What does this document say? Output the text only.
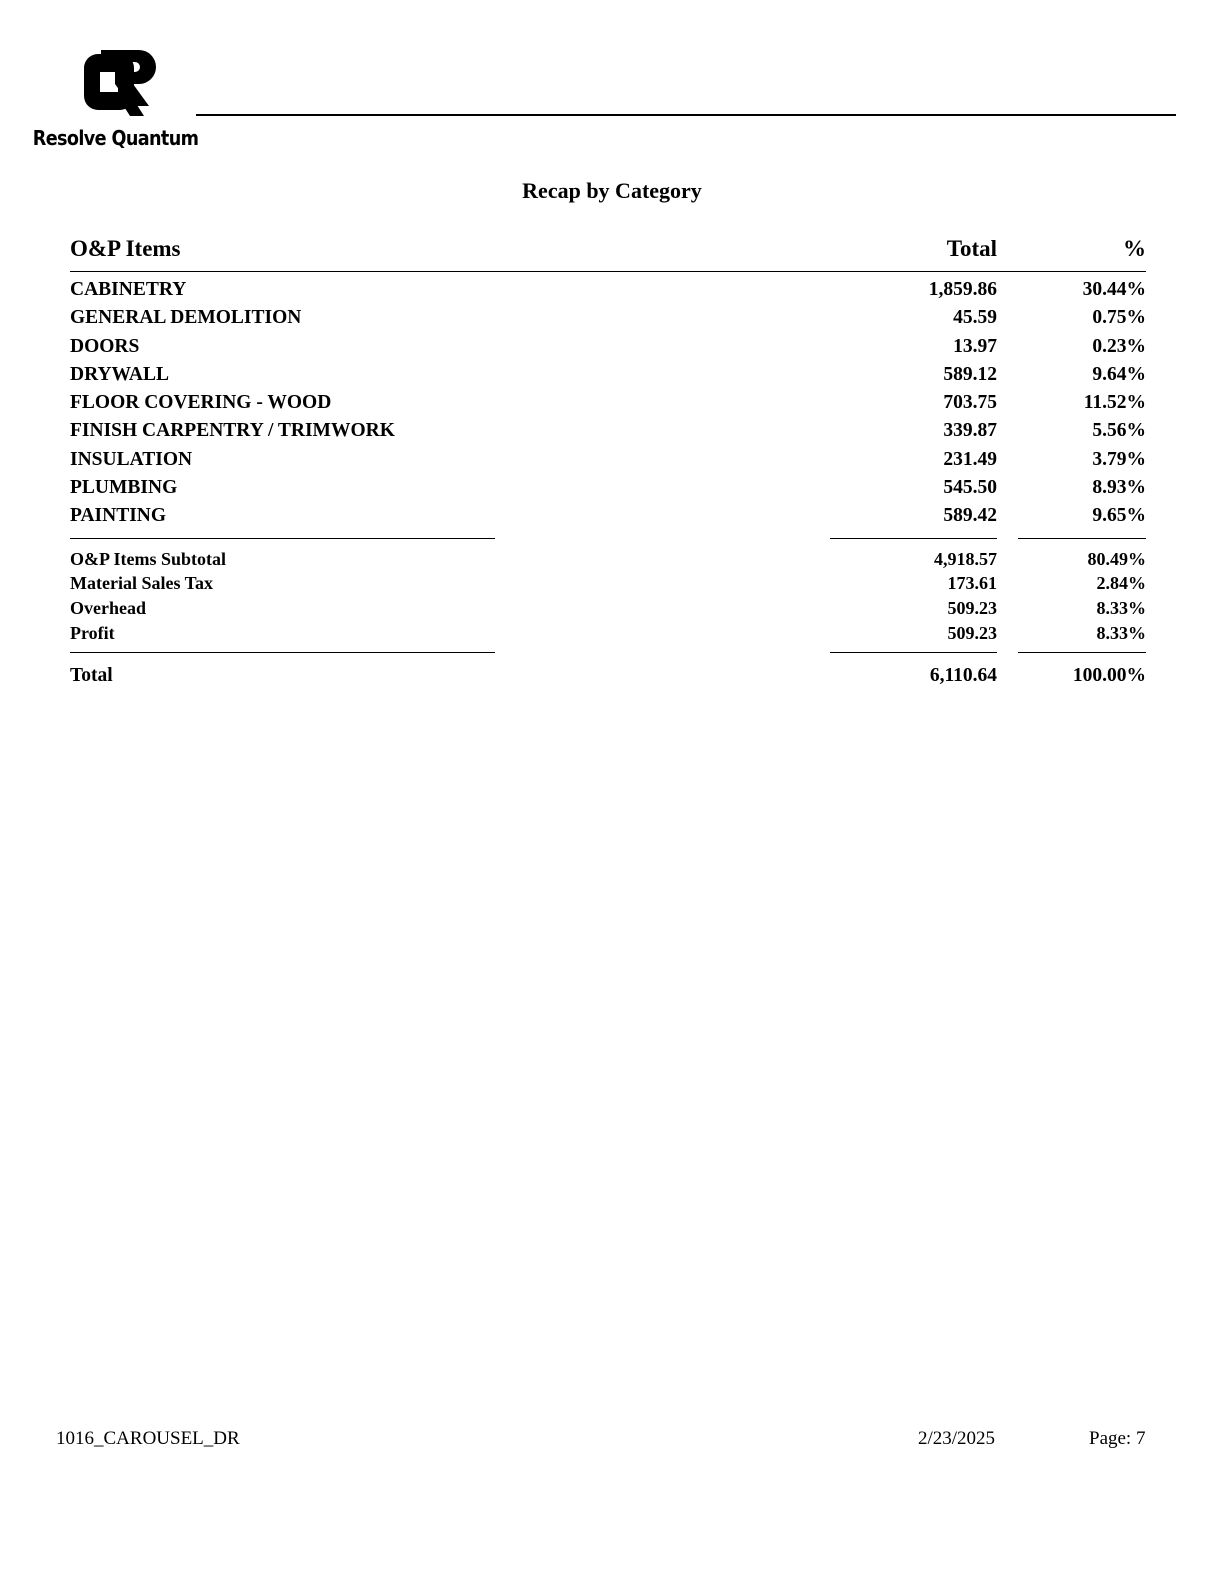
Resolve Quantum
Recap by Category
O&P Items	Total	%
CABINETRY	1,859.86	30.44%
GENERAL DEMOLITION	45.59	0.75%
DOORS	13.97	0.23%
DRYWALL	589.12	9.64%
FLOOR COVERING - WOOD	703.75	11.52%
FINISH CARPENTRY / TRIMWORK	339.87	5.56%
INSULATION	231.49	3.79%
PLUMBING	545.50	8.93%
PAINTING	589.42	9.65%
O&P Items Subtotal	4,918.57	80.49%
Material Sales Tax	173.61	2.84%
Overhead	509.23	8.33%
Profit	509.23	8.33%
Total	6,110.64	100.00%
1016_CAROUSEL_DR	2/23/2025	Page: 7
